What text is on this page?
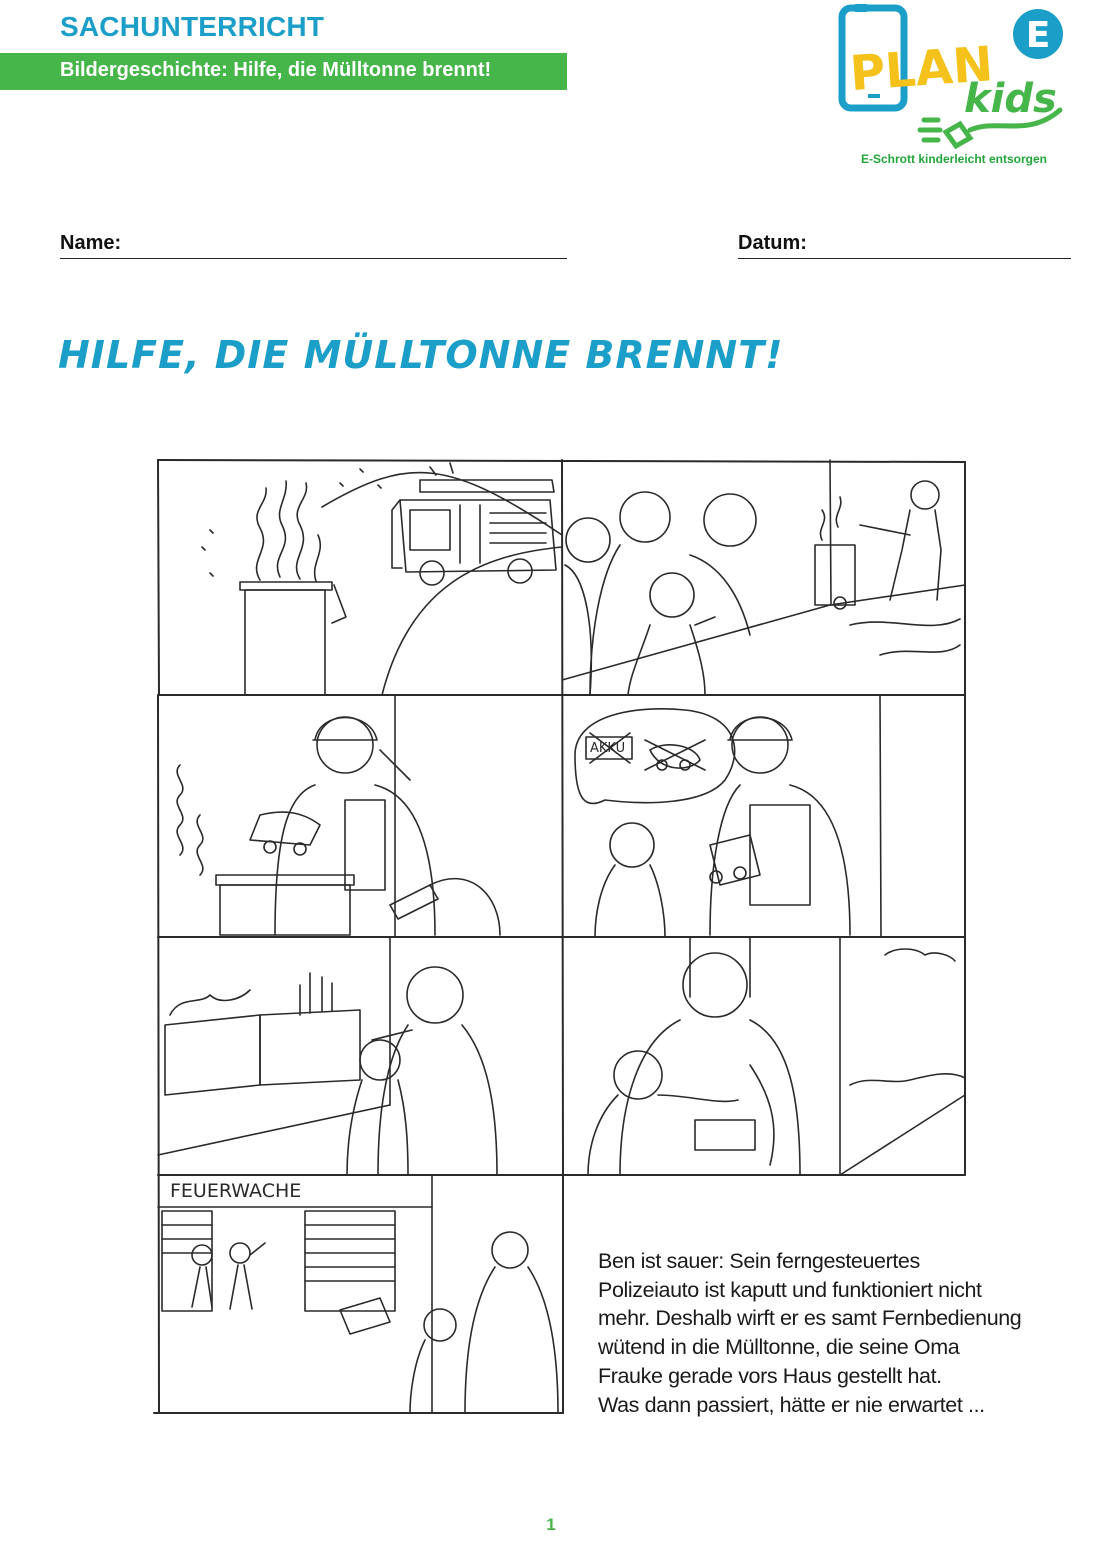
SACHUNTERRICHT
Bildergeschichte: Hilfe, die Mülltonne brennt!	PLAN
E
kids
E-Schrott kinderleicht entsorgen
Name:	Datum:
HILFE, DIE MÜLLTONNE BRENNT!
AKKU
FEUERWACHE
Ben ist sauer: Sein ferngesteuertes
Polizeiauto ist kaputt und funktioniert nicht
mehr. Deshalb wirft er es samt Fernbedienung
wütend in die Mülltonne, die seine Oma
Frauke gerade vors Haus gestellt hat.
Was dann passiert, hätte er nie erwartet ...
1
